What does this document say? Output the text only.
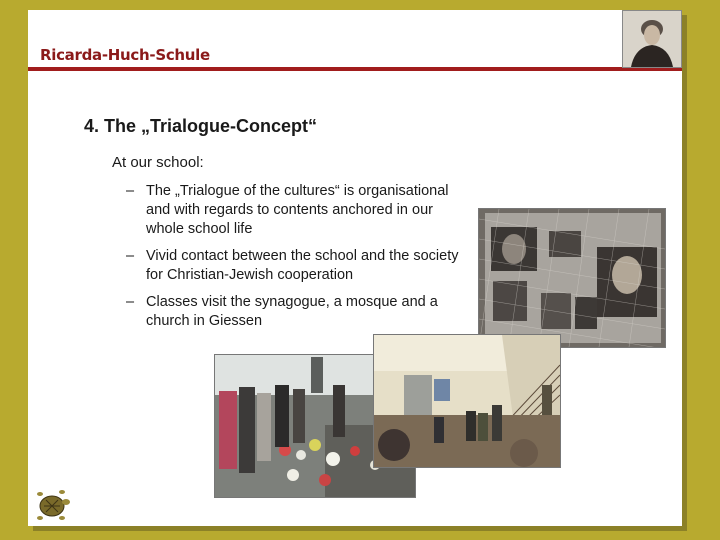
Ricarda-Huch-Schule
4. The „Trialogue-Concept“
At our school:
– The „Trialogue of the cultures“ is organisational and with regards to contents anchored in our whole school life
– Vivid contact between the school and the society for Christian-Jewish cooperation
– Classes visit the synagogue, a mosque and a church in Giessen
